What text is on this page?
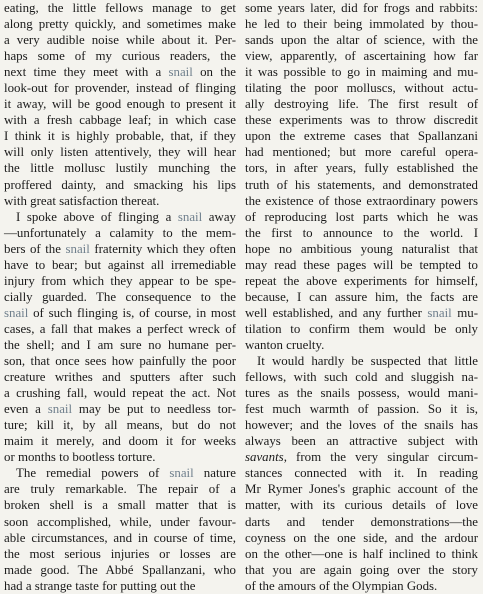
eating, the little fellows manage to get
along pretty quickly, and sometimes make
a very audible noise while about it. Per-
haps some of my curious readers, the
next time they meet with a snail on the
look-out for provender, instead of flinging
it away, will be good enough to present it
with a fresh cabbage leaf; in which case
I think it is highly probable, that, if they
will only listen attentively, they will hear
the little mollusc lustily munching the
proffered dainty, and smacking his lips
with great satisfaction thereat.
I spoke above of flinging a snail away
—unfortunately a calamity to the mem-
bers of the snail fraternity which they often
have to bear; but against all irremediable
injury from which they appear to be spe-
cially guarded. The consequence to the
snail of such flinging is, of course, in most
cases, a fall that makes a perfect wreck of
the shell; and I am sure no humane per-
son, that once sees how painfully the poor
creature writhes and sputters after such
a crushing fall, would repeat the act. Not
even a snail may be put to needless tor-
ture; kill it, by all means, but do not
maim it merely, and doom it for weeks
or months to bootless torture.
The remedial powers of snail nature
are truly remarkable. The repair of a
broken shell is a small matter that is
soon accomplished, while, under favour-
able circumstances, and in course of time,
the most serious injuries or losses are
made good. The Abbé Spallanzani, who
had a strange taste for putting out the
some years later, did for frogs and rabbits:
he led to their being immolated by thou-
sands upon the altar of science, with the
view, apparently, of ascertaining how far
it was possible to go in maiming and mu-
tilating the poor molluscs, without actu-
ally destroying life. The first result of
these experiments was to throw discredit
upon the extreme cases that Spallanzani
had mentioned; but more careful opera-
tors, in after years, fully established the
truth of his statements, and demonstrated
the existence of those extraordinary powers
of reproducing lost parts which he was
the first to announce to the world. I
hope no ambitious young naturalist that
may read these pages will be tempted to
repeat the above experiments for himself,
because, I can assure him, the facts are
well established, and any further snail mu-
tilation to confirm them would be only
wanton cruelty.
It would hardly be suspected that little
fellows, with such cold and sluggish na-
tures as the snails possess, would mani-
fest much warmth of passion. So it is,
however; and the loves of the snails has
always been an attractive subject with
savants, from the very singular circum-
stances connected with it. In reading
Mr Rymer Jones's graphic account of the
matter, with its curious details of love
darts and tender demonstrations—the
coyness on the one side, and the ardour
on the other—one is half inclined to think
that you are again going over the story
of the amours of the Olympian Gods.
